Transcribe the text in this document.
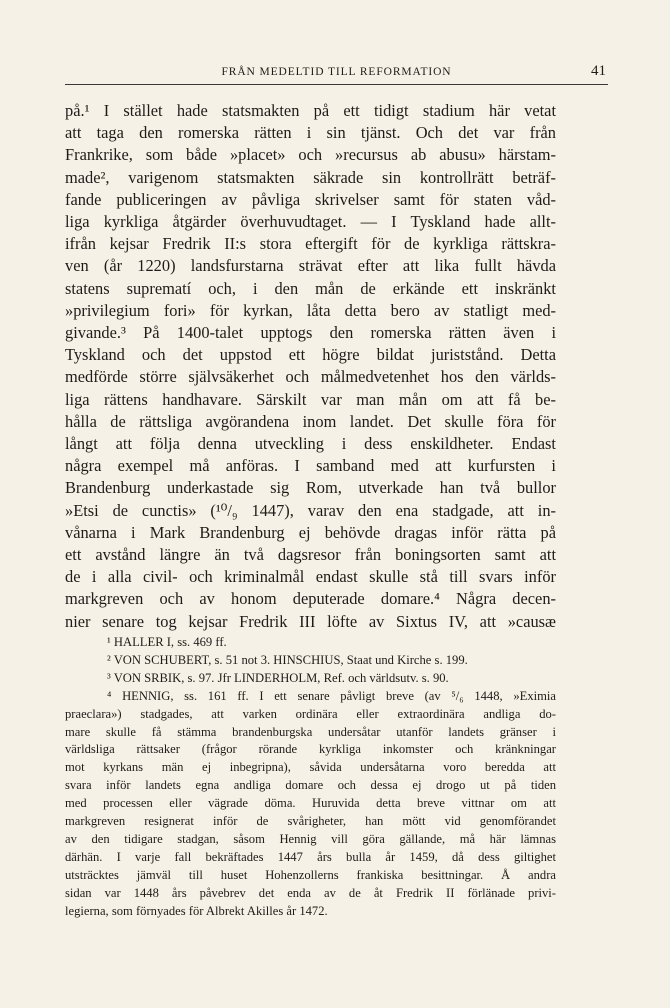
FRÅN MEDELTID TILL REFORMATION	41
på.¹ I stället hade statsmakten på ett tidigt stadium här vetat
att taga den romerska rätten i sin tjänst. Och det var från
Frankrike, som både »placet» och »recursus ab abusu» härstam-
made², varigenom statsmakten säkrade sin kontrollrätt beträf-
fande publiceringen av påvliga skrivelser samt för staten våd-
liga kyrkliga åtgärder överhuvudtaget. — I Tyskland hade allt-
ifrån kejsar Fredrik II:s stora eftergift för de kyrkliga rättskra-
ven (år 1220) landsfurstarna strävat efter att lika fullt hävda
statens suprematí och, i den mån de erkände ett inskränkt
»privilegium fori» för kyrkan, låta detta bero av statligt med-
givande.³ På 1400-talet upptogs den romerska rätten även i
Tyskland och det uppstod ett högre bildat juriststånd. Detta
medförde större självsäkerhet och målmedvetenhet hos den världs-
liga rättens handhavare. Särskilt var man mån om att få be-
hålla de rättsliga avgörandena inom landet. Det skulle föra för
långt att följa denna utveckling i dess enskildheter. Endast
några exempel må anföras. I samband med att kurfursten i
Brandenburg underkastade sig Rom, utverkade han två bullor
»Etsi de cunctis» (¹⁰/₉ 1447), varav den ena stadgade, att in-
vånarna i Mark Brandenburg ej behövde dragas inför rätta på
ett avstånd längre än två dagsresor från boningsorten samt att
de i alla civil- och kriminalmål endast skulle stå till svars inför
markgreven och av honom deputerade domare.⁴ Några decen-
nier senare tog kejsar Fredrik III löfte av Sixtus IV, att »causæ
¹ HALLER I, ss. 469 ff.
² VON SCHUBERT, s. 51 not 3. HINSCHIUS, Staat und Kirche s. 199.
³ VON SRBIK, s. 97. Jfr LINDERHOLM, Ref. och världsutv. s. 90.
⁴ HENNIG, ss. 161 ff. I ett senare påvligt breve (av ⁵/₆ 1448, »Eximia
praeclara») stadgades, att varken ordinära eller extraordinära andliga do-
mare skulle få stämma brandenburgska undersåtar utanför landets gränser i
världsliga rättsaker (frågor rörande kyrkliga inkomster och kränkningar
mot kyrkans män ej inbegripna), såvida undersåtarna voro beredda att
svara inför landets egna andliga domare och dessa ej drogo ut på tiden
med processen eller vägrade döma. Huruvida detta breve vittnar om att
markgreven resignerat inför de svårigheter, han mött vid genomförandet
av den tidigare stadgan, såsom Hennig vill göra gällande, må här lämnas
därhän. I varje fall bekräftades 1447 års bulla år 1459, då dess giltighet
utsträcktes jämväl till huset Hohenzollerns frankiska besittningar. Å andra
sidan var 1448 års påvebrev det enda av de åt Fredrik II förlänade privi-
legierna, som förnyades för Albrekt Akilles år 1472.
